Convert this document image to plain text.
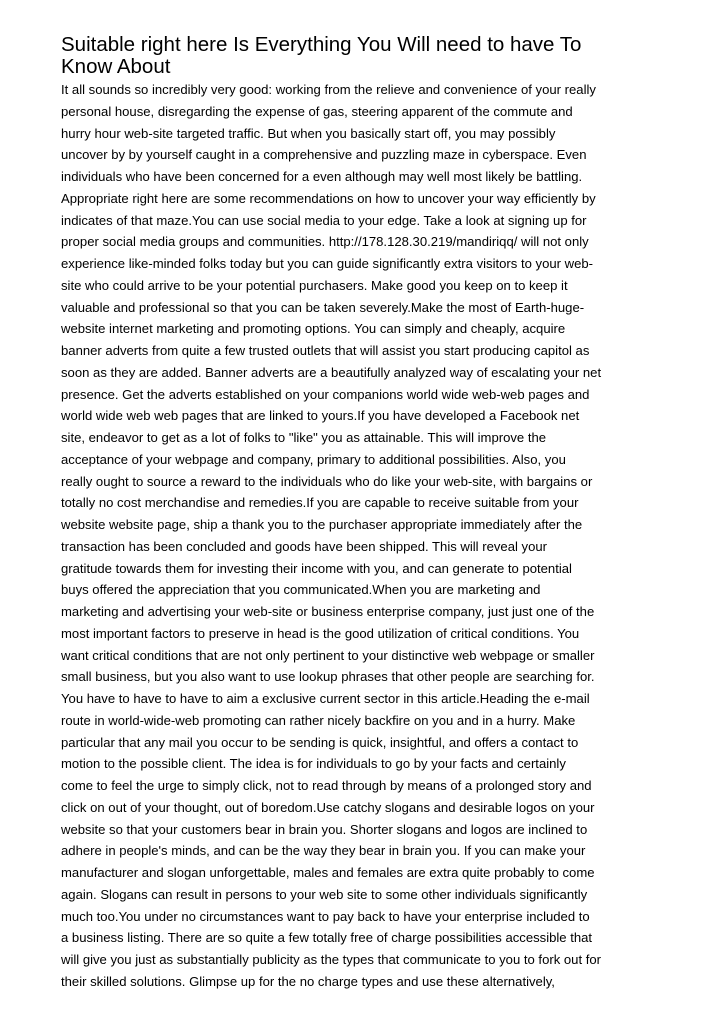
Suitable right here Is Everything You Will need to have To
Know About
It all sounds so incredibly very good: working from the relieve and convenience of your really
personal house, disregarding the expense of gas, steering apparent of the commute and
hurry hour web-site targeted traffic. But when you basically start off, you may possibly
uncover by by yourself caught in a comprehensive and puzzling maze in cyberspace. Even
individuals who have been concerned for a even although may well most likely be battling.
Appropriate right here are some recommendations on how to uncover your way efficiently by
indicates of that maze.You can use social media to your edge. Take a look at signing up for
proper social media groups and communities. http://178.128.30.219/mandiriqq/ will not only
experience like-minded folks today but you can guide significantly extra visitors to your web-
site who could arrive to be your potential purchasers. Make good you keep on to keep it
valuable and professional so that you can be taken severely.Make the most of Earth-huge-
website internet marketing and promoting options. You can simply and cheaply, acquire
banner adverts from quite a few trusted outlets that will assist you start producing capitol as
soon as they are added. Banner adverts are a beautifully analyzed way of escalating your net
presence. Get the adverts established on your companions world wide web-web pages and
world wide web web pages that are linked to yours.If you have developed a Facebook net
site, endeavor to get as a lot of folks to "like" you as attainable. This will improve the
acceptance of your webpage and company, primary to additional possibilities. Also, you
really ought to source a reward to the individuals who do like your web-site, with bargains or
totally no cost merchandise and remedies.If you are capable to receive suitable from your
website website page, ship a thank you to the purchaser appropriate immediately after the
transaction has been concluded and goods have been shipped. This will reveal your
gratitude towards them for investing their income with you, and can generate to potential
buys offered the appreciation that you communicated.When you are marketing and
marketing and advertising your web-site or business enterprise company, just just one of the
most important factors to preserve in head is the good utilization of critical conditions. You
want critical conditions that are not only pertinent to your distinctive web webpage or smaller
small business, but you also want to use lookup phrases that other people are searching for.
You have to have to have to aim a exclusive current sector in this article.Heading the e-mail
route in world-wide-web promoting can rather nicely backfire on you and in a hurry. Make
particular that any mail you occur to be sending is quick, insightful, and offers a contact to
motion to the possible client. The idea is for individuals to go by your facts and certainly
come to feel the urge to simply click, not to read through by means of a prolonged story and
click on out of your thought, out of boredom.Use catchy slogans and desirable logos on your
website so that your customers bear in brain you. Shorter slogans and logos are inclined to
adhere in people's minds, and can be the way they bear in brain you. If you can make your
manufacturer and slogan unforgettable, males and females are extra quite probably to come
again. Slogans can result in persons to your web site to some other individuals significantly
much too.You under no circumstances want to pay back to have your enterprise included to
a business listing. There are so quite a few totally free of charge possibilities accessible that
will give you just as substantially publicity as the types that communicate to you to fork out for
their skilled solutions. Glimpse up for the no charge types and use these alternatively,
